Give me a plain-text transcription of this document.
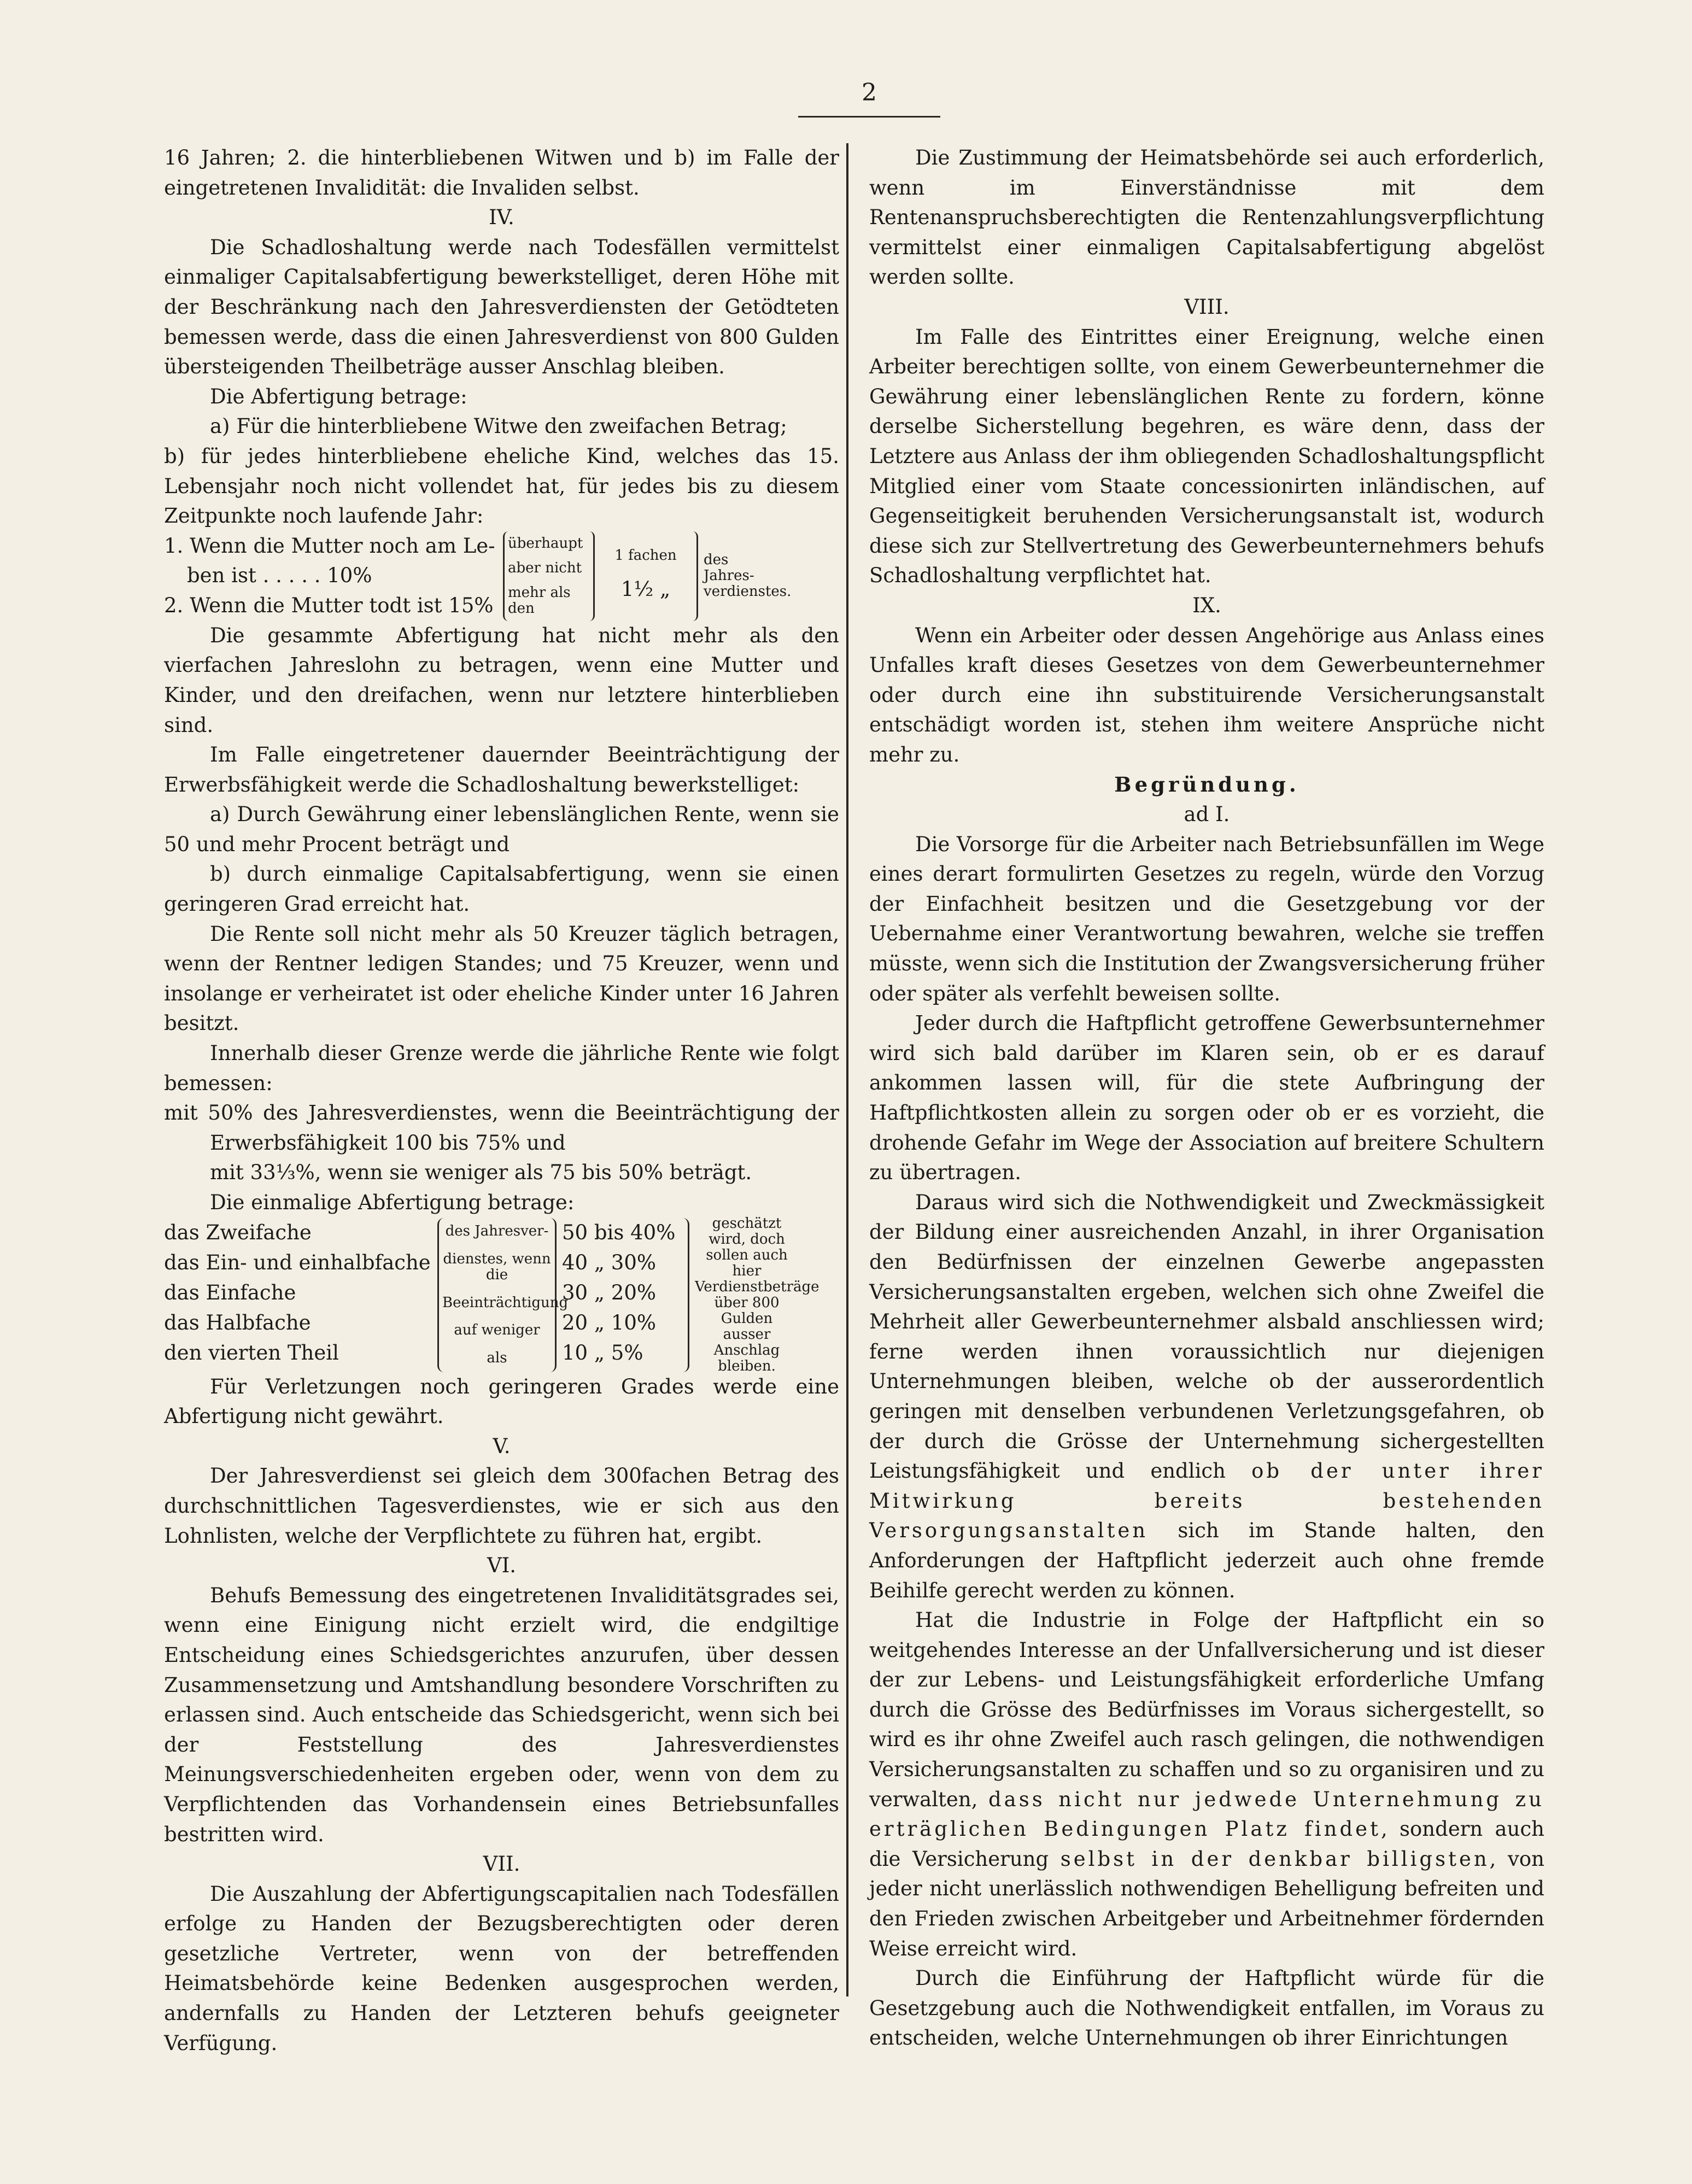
2

16 Jahren; 2. die hinterbliebenen Witwen und b) im Falle der eingetretenen Invalidität: die Invaliden selbst.

IV.

Die Schadloshaltung werde nach Todesfällen vermittelst einmaliger Capitalsabfertigung bewerkstelliget, deren Höhe mit der Beschränkung nach den Jahresverdiensten der Getödteten bemessen werde, dass die einen Jahresverdienst von 800 Gulden übersteigenden Theilbeträge ausser Anschlag bleiben.

Die Abfertigung betrage:

a) Für die hinterbliebene Witwe den zweifachen Betrag;

b) für jedes hinterbliebene eheliche Kind, welches das 15. Lebensjahr noch nicht vollendet hat, für jedes bis zu diesem Zeitpunkte noch laufende Jahr:

1. Wenn die Mutter noch am Le-
ben ist . . . . . 10%
2. Wenn die Mutter todt ist 15%
überhaupt
aber nicht
mehr als den
1 fachen
1½ „
des Jahres-
verdienstes.

Die gesammte Abfertigung hat nicht mehr als den vierfachen Jahreslohn zu betragen, wenn eine Mutter und Kinder, und den dreifachen, wenn nur letztere hinterblieben sind.

Im Falle eingetretener dauernder Beeinträchtigung der Erwerbsfähigkeit werde die Schadloshaltung bewerkstelliget:

a) Durch Gewährung einer lebenslänglichen Rente, wenn sie 50 und mehr Procent beträgt und

b) durch einmalige Capitalsabfertigung, wenn sie einen geringeren Grad erreicht hat.

Die Rente soll nicht mehr als 50 Kreuzer täglich betragen, wenn der Rentner ledigen Standes; und 75 Kreuzer, wenn und insolange er verheiratet ist oder eheliche Kinder unter 16 Jahren besitzt.

Innerhalb dieser Grenze werde die jährliche Rente wie folgt bemessen:

mit 50% des Jahresverdienstes, wenn die Beeinträchtigung der Erwerbsfähigkeit 100 bis 75% und

mit 33⅓%, wenn sie weniger als 75 bis 50% beträgt.

Die einmalige Abfertigung betrage:

das Zweifache
das Ein- und einhalbfache
das Einfache
das Halbfache
den vierten Theil
des Jahresver-
dienstes, wenn die
Beeinträchtigung
auf weniger
als
50 bis 40%
40 „ 30%
30 „ 20%
20 „ 10%
10 „ 5%
geschätzt wird, doch
sollen auch hier
Verdienstbeträge
über 800 Gulden
ausser Anschlag
bleiben.

Für Verletzungen noch geringeren Grades werde eine Abfertigung nicht gewährt.

V.

Der Jahresverdienst sei gleich dem 300fachen Betrag des durchschnittlichen Tagesverdienstes, wie er sich aus den Lohnlisten, welche der Verpflichtete zu führen hat, ergibt.

VI.

Behufs Bemessung des eingetretenen Invaliditätsgrades sei, wenn eine Einigung nicht erzielt wird, die endgiltige Entscheidung eines Schiedsgerichtes anzurufen, über dessen Zusammensetzung und Amtshandlung besondere Vorschriften zu erlassen sind. Auch entscheide das Schiedsgericht, wenn sich bei der Feststellung des Jahresverdienstes Meinungsverschiedenheiten ergeben oder, wenn von dem zu Verpflichtenden das Vorhandensein eines Betriebsunfalles bestritten wird.

VII.

Die Auszahlung der Abfertigungscapitalien nach Todesfällen erfolge zu Handen der Bezugsberechtigten oder deren gesetzliche Vertreter, wenn von der betreffenden Heimatsbehörde keine Bedenken ausgesprochen werden, andernfalls zu Handen der Letzteren behufs geeigneter Verfügung.

Die Zustimmung der Heimatsbehörde sei auch erforderlich, wenn im Einverständnisse mit dem Rentenanspruchsberechtigten die Rentenzahlungsverpflichtung vermittelst einer einmaligen Capitalsabfertigung abgelöst werden sollte.

VIII.

Im Falle des Eintrittes einer Ereignung, welche einen Arbeiter berechtigen sollte, von einem Gewerbeunternehmer die Gewährung einer lebenslänglichen Rente zu fordern, könne derselbe Sicherstellung begehren, es wäre denn, dass der Letztere aus Anlass der ihm obliegenden Schadloshaltungspflicht Mitglied einer vom Staate concessionirten inländischen, auf Gegenseitigkeit beruhenden Versicherungsanstalt ist, wodurch diese sich zur Stellvertretung des Gewerbeunternehmers behufs Schadloshaltung verpflichtet hat.

IX.

Wenn ein Arbeiter oder dessen Angehörige aus Anlass eines Unfalles kraft dieses Gesetzes von dem Gewerbeunternehmer oder durch eine ihn substituirende Versicherungsanstalt entschädigt worden ist, stehen ihm weitere Ansprüche nicht mehr zu.

Begründung.
ad I.

Die Vorsorge für die Arbeiter nach Betriebsunfällen im Wege eines derart formulirten Gesetzes zu regeln, würde den Vorzug der Einfachheit besitzen und die Gesetzgebung vor der Uebernahme einer Verantwortung bewahren, welche sie treffen müsste, wenn sich die Institution der Zwangsversicherung früher oder später als verfehlt beweisen sollte.

Jeder durch die Haftpflicht getroffene Gewerbsunternehmer wird sich bald darüber im Klaren sein, ob er es darauf ankommen lassen will, für die stete Aufbringung der Haftpflichtkosten allein zu sorgen oder ob er es vorzieht, die drohende Gefahr im Wege der Association auf breitere Schultern zu übertragen.

Daraus wird sich die Nothwendigkeit und Zweckmässigkeit der Bildung einer ausreichenden Anzahl, in ihrer Organisation den Bedürfnissen der einzelnen Gewerbe angepassten Versicherungsanstalten ergeben, welchen sich ohne Zweifel die Mehrheit aller Gewerbeunternehmer alsbald anschliessen wird; ferne werden ihnen voraussichtlich nur diejenigen Unternehmungen bleiben, welche ob der ausserordentlich geringen mit denselben verbundenen Verletzungsgefahren, ob der durch die Grösse der Unternehmung sichergestellten Leistungsfähigkeit und endlich ob der unter ihrer Mitwirkung bereits bestehenden Versorgungsanstalten sich im Stande halten, den Anforderungen der Haftpflicht jederzeit auch ohne fremde Beihilfe gerecht werden zu können.

Hat die Industrie in Folge der Haftpflicht ein so weitgehendes Interesse an der Unfallversicherung und ist dieser der zur Lebens- und Leistungsfähigkeit erforderliche Umfang durch die Grösse des Bedürfnisses im Voraus sichergestellt, so wird es ihr ohne Zweifel auch rasch gelingen, die nothwendigen Versicherungsanstalten zu schaffen und so zu organisiren und zu verwalten, dass nicht nur jedwede Unternehmung zu erträglichen Bedingungen Platz findet, sondern auch die Versicherung selbst in der denkbar billigsten, von jeder nicht unerlässlich nothwendigen Behelligung befreiten und den Frieden zwischen Arbeitgeber und Arbeitnehmer fördernden Weise erreicht wird.

Durch die Einführung der Haftpflicht würde für die Gesetzgebung auch die Nothwendigkeit entfallen, im Voraus zu entscheiden, welche Unternehmungen ob ihrer Einrichtungen
